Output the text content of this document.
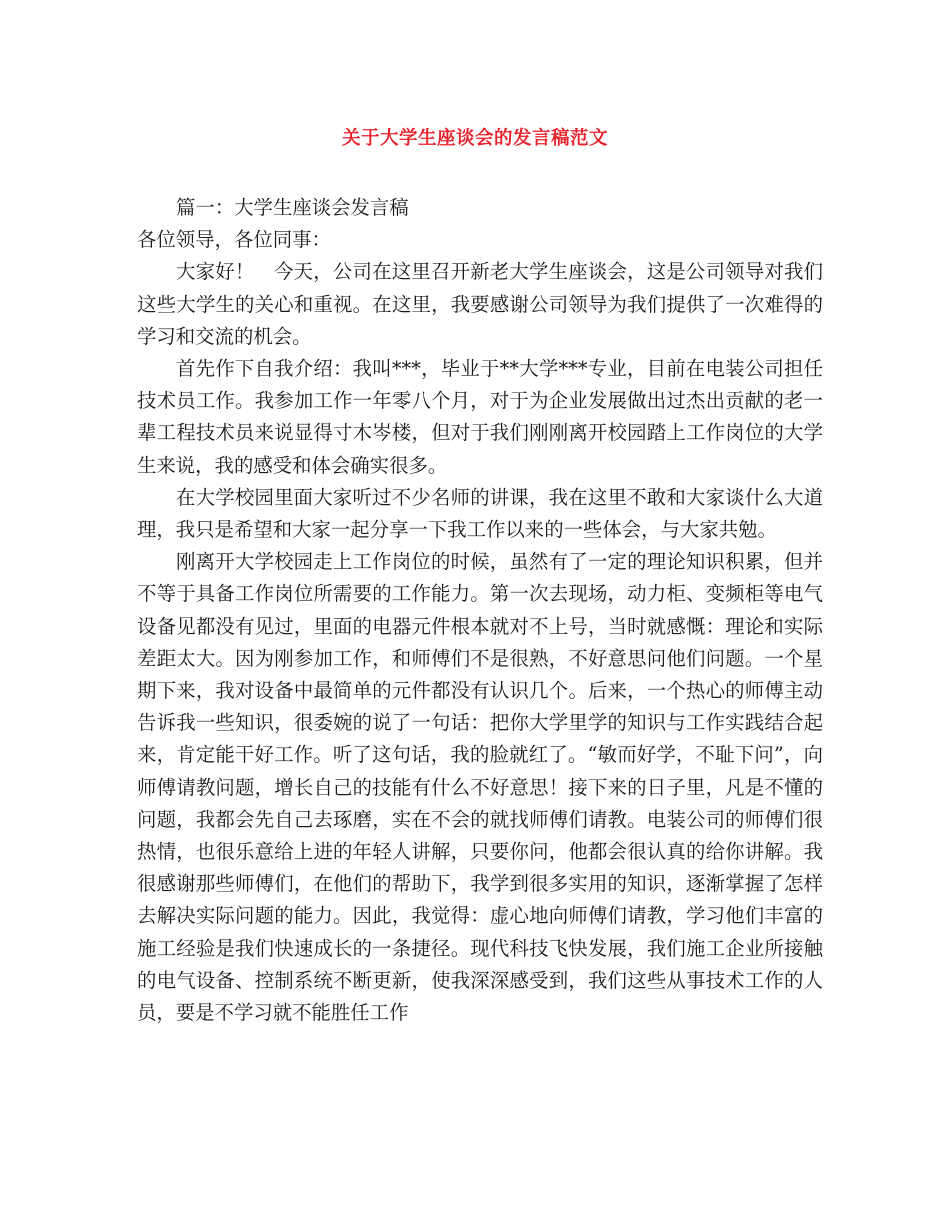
关于大学生座谈会的发言稿范文

篇一：大学生座谈会发言稿

各位领导，各位同事：

大家好！　今天，公司在这里召开新老大学生座谈会，这是公司领导对我们这些大学生的关心和重视。在这里，我要感谢公司领导为我们提供了一次难得的学习和交流的机会。

首先作下自我介绍：我叫***，毕业于**大学***专业，目前在电装公司担任技术员工作。我参加工作一年零八个月，对于为企业发展做出过杰出贡献的老一辈工程技术员来说显得寸木岑楼，但对于我们刚刚离开校园踏上工作岗位的大学生来说，我的感受和体会确实很多。

在大学校园里面大家听过不少名师的讲课，我在这里不敢和大家谈什么大道理，我只是希望和大家一起分享一下我工作以来的一些体会，与大家共勉。

刚离开大学校园走上工作岗位的时候，虽然有了一定的理论知识积累，但并不等于具备工作岗位所需要的工作能力。第一次去现场，动力柜、变频柜等电气设备见都没有见过，里面的电器元件根本就对不上号，当时就感慨：理论和实际差距太大。因为刚参加工作，和师傅们不是很熟，不好意思问他们问题。一个星期下来，我对设备中最简单的元件都没有认识几个。后来，一个热心的师傅主动告诉我一些知识，很委婉的说了一句话：把你大学里学的知识与工作实践结合起来，肯定能干好工作。听了这句话，我的脸就红了。“敏而好学，不耻下问”，向师傅请教问题，增长自己的技能有什么不好意思！接下来的日子里，凡是不懂的问题，我都会先自己去琢磨，实在不会的就找师傅们请教。电装公司的师傅们很热情，也很乐意给上进的年轻人讲解，只要你问，他都会很认真的给你讲解。我很感谢那些师傅们，在他们的帮助下，我学到很多实用的知识，逐渐掌握了怎样去解决实际问题的能力。因此，我觉得：虚心地向师傅们请教，学习他们丰富的施工经验是我们快速成长的一条捷径。现代科技飞快发展，我们施工企业所接触的电气设备、控制系统不断更新，使我深深感受到，我们这些从事技术工作的人员，要是不学习就不能胜任工作
